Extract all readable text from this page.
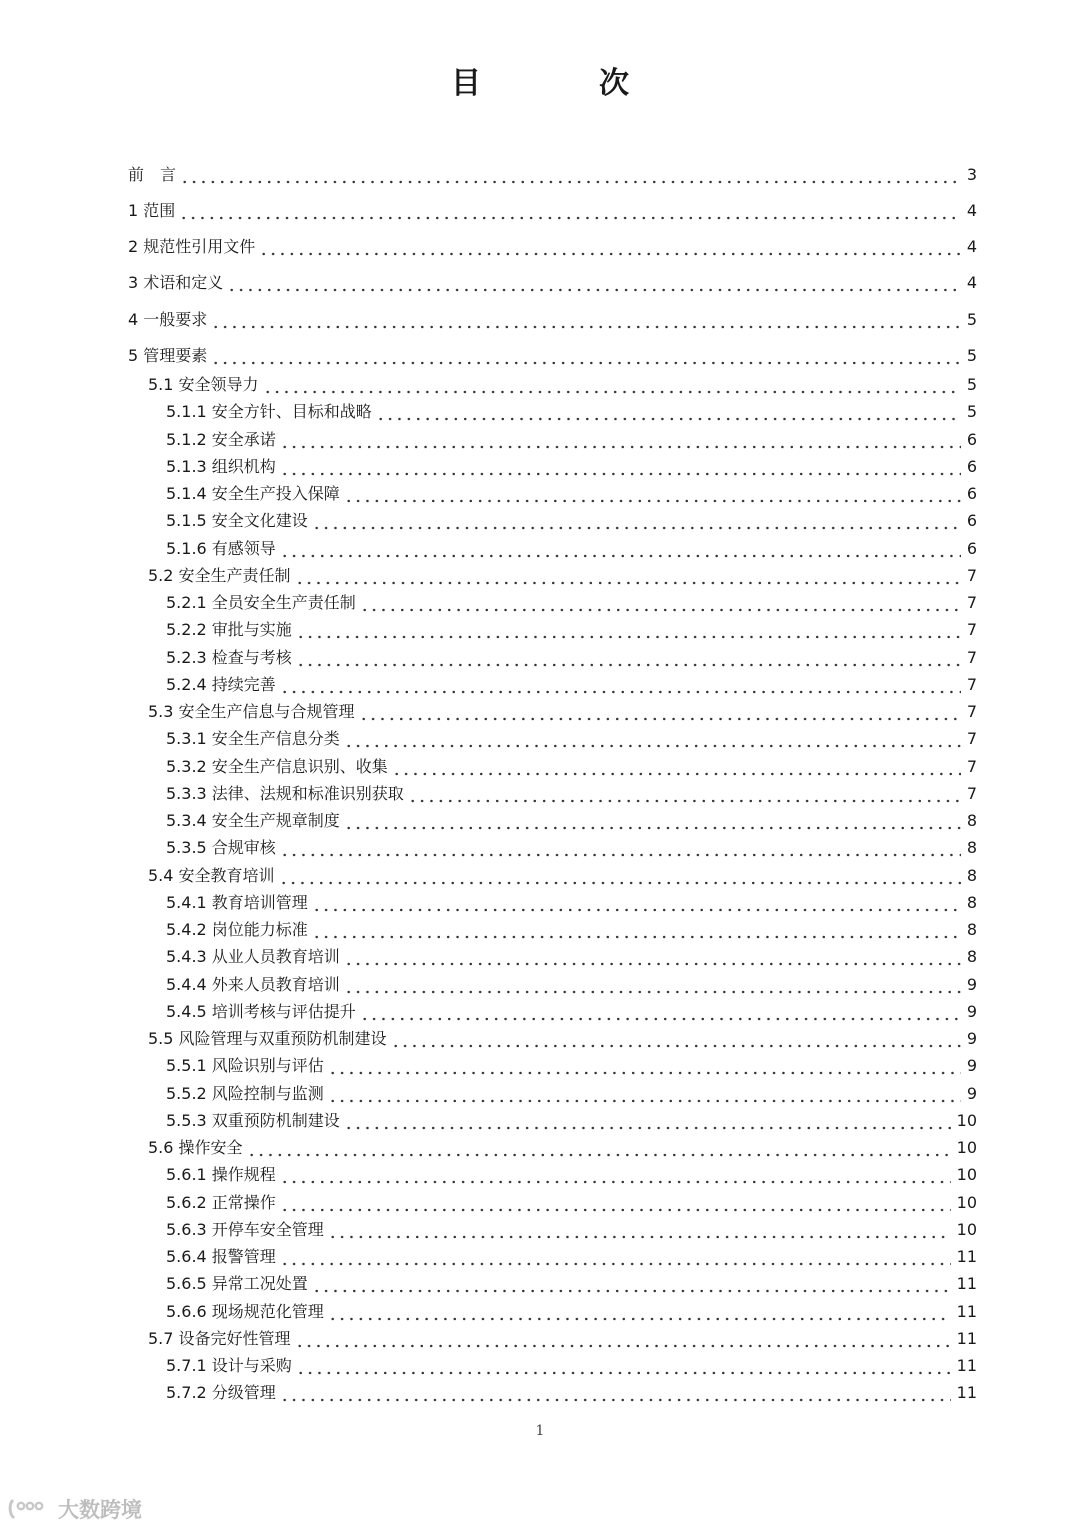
目　次
前　言	3
1 范围	4
2 规范性引用文件	4
3 术语和定义	4
4 一般要求	5
5 管理要素	5
5.1 安全领导力	5
5.1.1 安全方针、目标和战略	5
5.1.2 安全承诺	6
5.1.3 组织机构	6
5.1.4 安全生产投入保障	6
5.1.5 安全文化建设	6
5.1.6 有感领导	6
5.2 安全生产责任制	7
5.2.1 全员安全生产责任制	7
5.2.2 审批与实施	7
5.2.3 检查与考核	7
5.2.4 持续完善	7
5.3 安全生产信息与合规管理	7
5.3.1 安全生产信息分类	7
5.3.2 安全生产信息识别、收集	7
5.3.3 法律、法规和标准识别获取	7
5.3.4 安全生产规章制度	8
5.3.5 合规审核	8
5.4 安全教育培训	8
5.4.1 教育培训管理	8
5.4.2 岗位能力标准	8
5.4.3 从业人员教育培训	8
5.4.4 外来人员教育培训	9
5.4.5 培训考核与评估提升	9
5.5 风险管理与双重预防机制建设	9
5.5.1 风险识别与评估	9
5.5.2 风险控制与监测	9
5.5.3 双重预防机制建设	10
5.6 操作安全	10
5.6.1 操作规程	10
5.6.2 正常操作	10
5.6.3 开停车安全管理	10
5.6.4 报警管理	11
5.6.5 异常工况处置	11
5.6.6 现场规范化管理	11
5.7 设备完好性管理	11
5.7.1 设计与采购	11
5.7.2 分级管理	11
1
大数跨境
